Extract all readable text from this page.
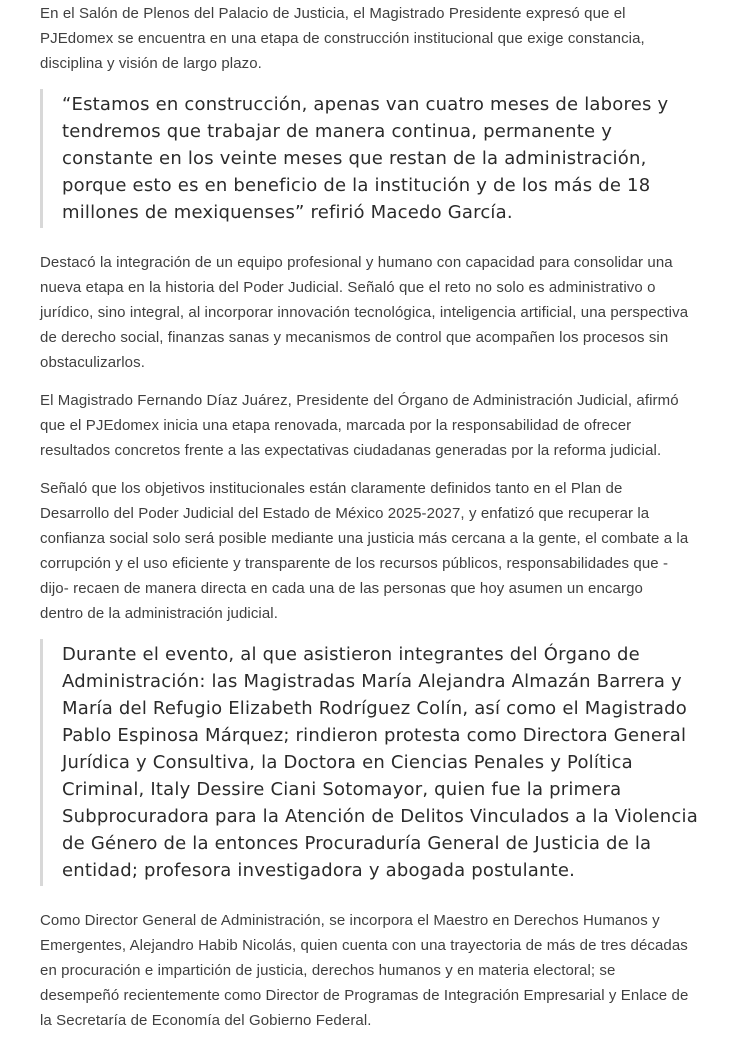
En el Salón de Plenos del Palacio de Justicia, el Magistrado Presidente expresó que el PJEdomex se encuentra en una etapa de construcción institucional que exige constancia, disciplina y visión de largo plazo.

“Estamos en construcción, apenas van cuatro meses de labores y tendremos que trabajar de manera continua, permanente y constante en los veinte meses que restan de la administración, porque esto es en beneficio de la institución y de los más de 18 millones de mexiquenses” refirió Macedo García.

Destacó la integración de un equipo profesional y humano con capacidad para consolidar una nueva etapa en la historia del Poder Judicial. Señaló que el reto no solo es administrativo o jurídico, sino integral, al incorporar innovación tecnológica, inteligencia artificial, una perspectiva de derecho social, finanzas sanas y mecanismos de control que acompañen los procesos sin obstaculizarlos.

El Magistrado Fernando Díaz Juárez, Presidente del Órgano de Administración Judicial, afirmó que el PJEdomex inicia una etapa renovada, marcada por la responsabilidad de ofrecer resultados concretos frente a las expectativas ciudadanas generadas por la reforma judicial.

Señaló que los objetivos institucionales están claramente definidos tanto en el Plan de Desarrollo del Poder Judicial del Estado de México 2025-2027, y enfatizó que recuperar la confianza social solo será posible mediante una justicia más cercana a la gente, el combate a la corrupción y el uso eficiente y transparente de los recursos públicos, responsabilidades que -dijo- recaen de manera directa en cada una de las personas que hoy asumen un encargo dentro de la administración judicial.

Durante el evento, al que asistieron integrantes del Órgano de Administración: las Magistradas María Alejandra Almazán Barrera y María del Refugio Elizabeth Rodríguez Colín, así como el Magistrado Pablo Espinosa Márquez; rindieron protesta como Directora General Jurídica y Consultiva, la Doctora en Ciencias Penales y Política Criminal, Italy Dessire Ciani Sotomayor, quien fue la primera Subprocuradora para la Atención de Delitos Vinculados a la Violencia de Género de la entonces Procuraduría General de Justicia de la entidad; profesora investigadora y abogada postulante.

Como Director General de Administración, se incorpora el Maestro en Derechos Humanos y Emergentes, Alejandro Habib Nicolás, quien cuenta con una trayectoria de más de tres décadas en procuración e impartición de justicia, derechos humanos y en materia electoral; se desempeñó recientemente como Director de Programas de Integración Empresarial y Enlace de la Secretaría de Economía del Gobierno Federal.
